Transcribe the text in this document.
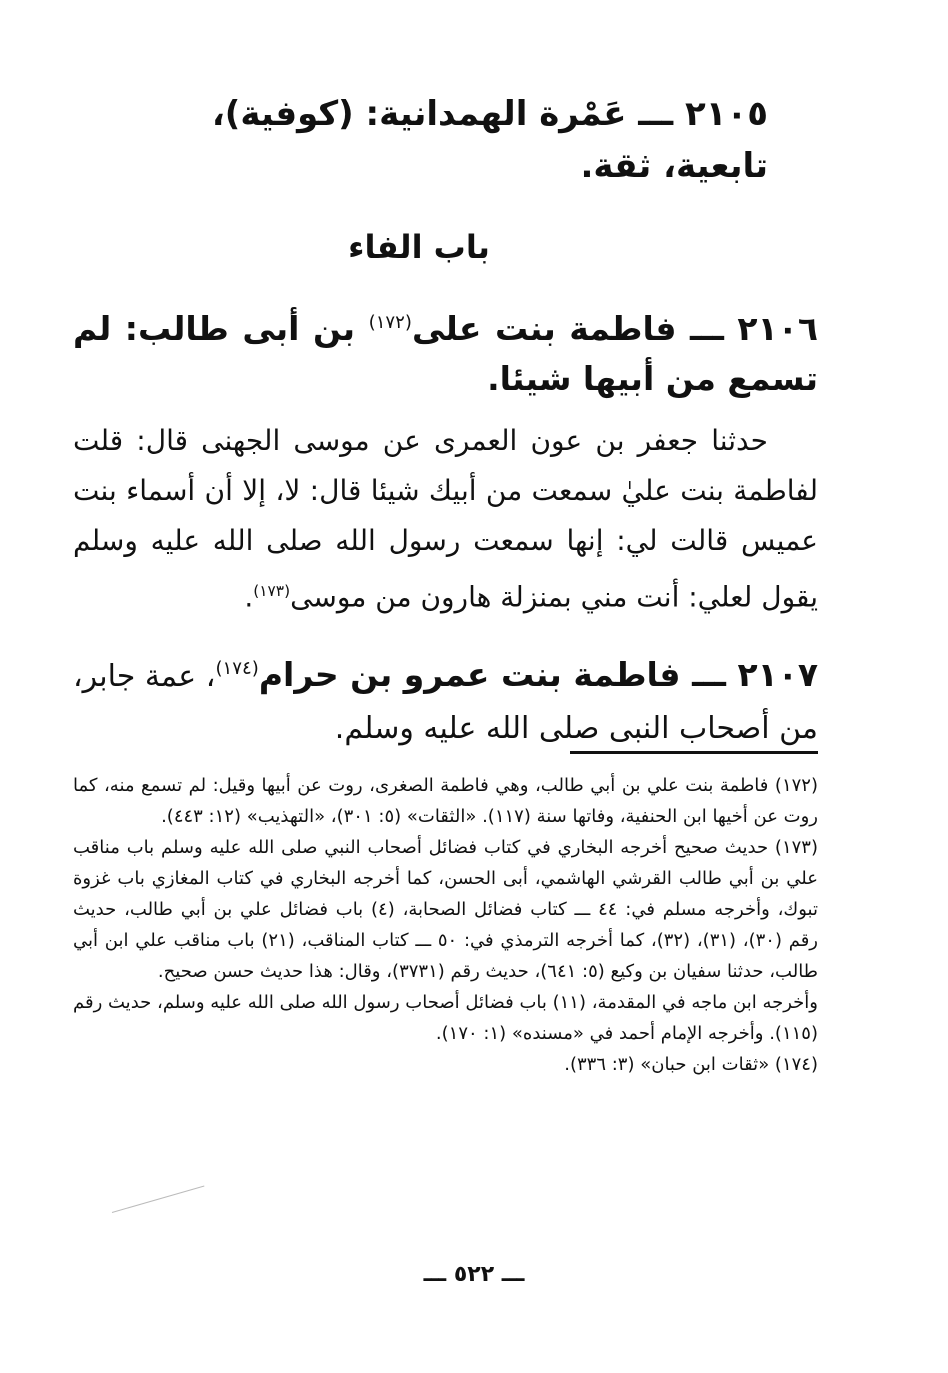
٢١٠٥ ـــ عَمْرة الهمدانية: (كوفية)، تابعية، ثقة.
باب الفاء
٢١٠٦ ـــ فاطمة بنت على$^{(١٧٢)}$ بن أبى طالب: لم تسمع من أبيها شيئا.
حدثنا جعفر بن عون العمرى عن موسى الجهنى قال: قلت لفاطمة بنت عليٰ سمعت من أبيك شيئا قال: لا، إلا أن أسماء بنت عميس قالت لي: إنها سمعت رسول الله صلى الله عليه وسلم يقول لعلي: أنت مني بمنزلة هارون من موسى$^{(١٧٣)}$.
٢١٠٧ ـــ فاطمة بنت عمرو بن حرام$^{(١٧٤)}$، عمة جابر، من أصحاب النبى صلى الله عليه وسلم.

(١٧٢) فاطمة بنت علي بن أبي طالب، وهي فاطمة الصغرى، روت عن أبيها وقيل: لم تسمع منه، كما روت عن أخيها ابن الحنفية، وفاتها سنة (١١٧). «الثقات» (٥: ٣٠١)، «التهذيب» (١٢: ٤٤٣).

(١٧٣) حديث صحيح أخرجه البخاري في كتاب فضائل أصحاب النبي صلى الله عليه وسلم باب مناقب علي بن أبي طالب القرشي الهاشمي، أبى الحسن، كما أخرجه البخاري في كتاب المغازي باب غزوة تبوك، وأخرجه مسلم في: ٤٤ ـــ كتاب فضائل الصحابة، (٤) باب فضائل علي بن أبي طالب، حديث رقم (٣٠)، (٣١)، (٣٢)، كما أخرجه الترمذي في: ٥٠ ـــ كتاب المناقب، (٢١) باب مناقب علي ابن أبي طالب، حدثنا سفيان بن وكيع (٥: ٦٤١)، حديث رقم (٣٧٣١)، وقال: هذا حديث حسن صحيح.

وأخرجه ابن ماجه في المقدمة، (١١) باب فضائل أصحاب رسول الله صلى الله عليه وسلم، حديث رقم (١١٥). وأخرجه الإمام أحمد في «مسنده» (١: ١٧٠).

(١٧٤) «ثقات ابن حبان» (٣: ٣٣٦).

ـــ ٥٢٢ ـــ
